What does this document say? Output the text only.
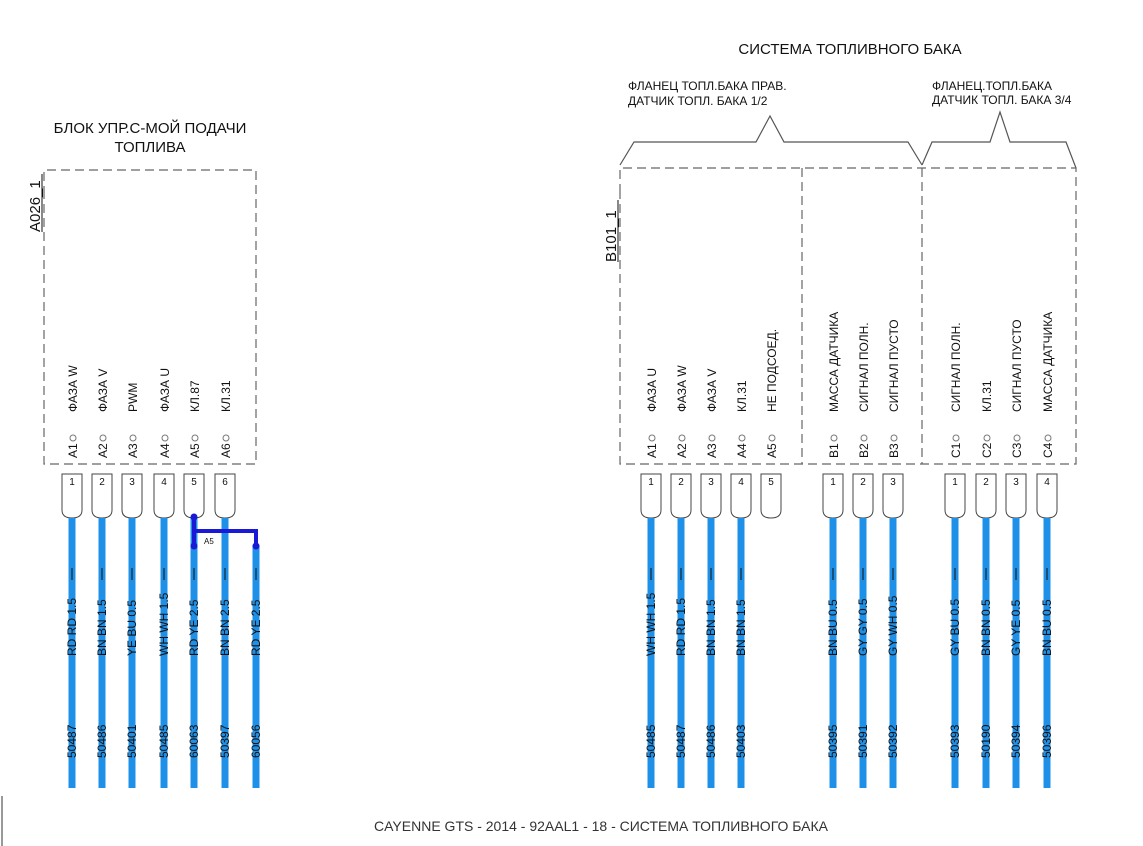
СИСТЕМА ТОПЛИВНОГО БАКА
БЛОК УПР.С-МОЙ ПОДАЧИ
ТОПЛИВА
ФЛАНЕЦ ТОПЛ.БАКА ПРАВ.
ДАТЧИК ТОПЛ. БАКА 1/2
ФЛАНЕЦ.ТОПЛ.БАКА
ДАТЧИК ТОПЛ. БАКА 3/4
A026_1
B101_1
ФАЗА W
A1
1
RD RD 1.5
50487
ФАЗА V
A2
2
BN BN 1.5
50486
PWM
A3
3
YE BU 0.5
50401
ФАЗА U
A4
4
WH WH 1.5
50485
КЛ.87
A5
5
RD YE 2.5
60063
КЛ.31
A6
6
BN BN 2.5
50397
RD YE 2.5
60056
ФАЗА U
A1
1
WH WH 1.5
50485
ФАЗА W
A2
2
RD RD 1.5
50487
ФАЗА V
A3
3
BN BN 1.5
50486
КЛ.31
A4
4
BN BN 1.5
50403
НЕ ПОДСОЕД.
A5
5
МАССА ДАТЧИКА
B1
1
BN BU 0.5
50395
СИГНАЛ ПОЛН.
B2
2
GY GY 0.5
50391
СИГНАЛ ПУСТО
B3
3
GY WH 0.5
50392
СИГНАЛ ПОЛН.
C1
1
GY BU 0.5
50393
КЛ.31
C2
2
BN BN 0.5
50190
СИГНАЛ ПУСТО
C3
3
GY YE 0.5
50394
МАССА ДАТЧИКА
C4
4
BN BU 0.5
50396
A5
CAYENNE GTS - 2014 - 92AAL1 - 18 - СИСТЕМА ТОПЛИВНОГО БАКА
